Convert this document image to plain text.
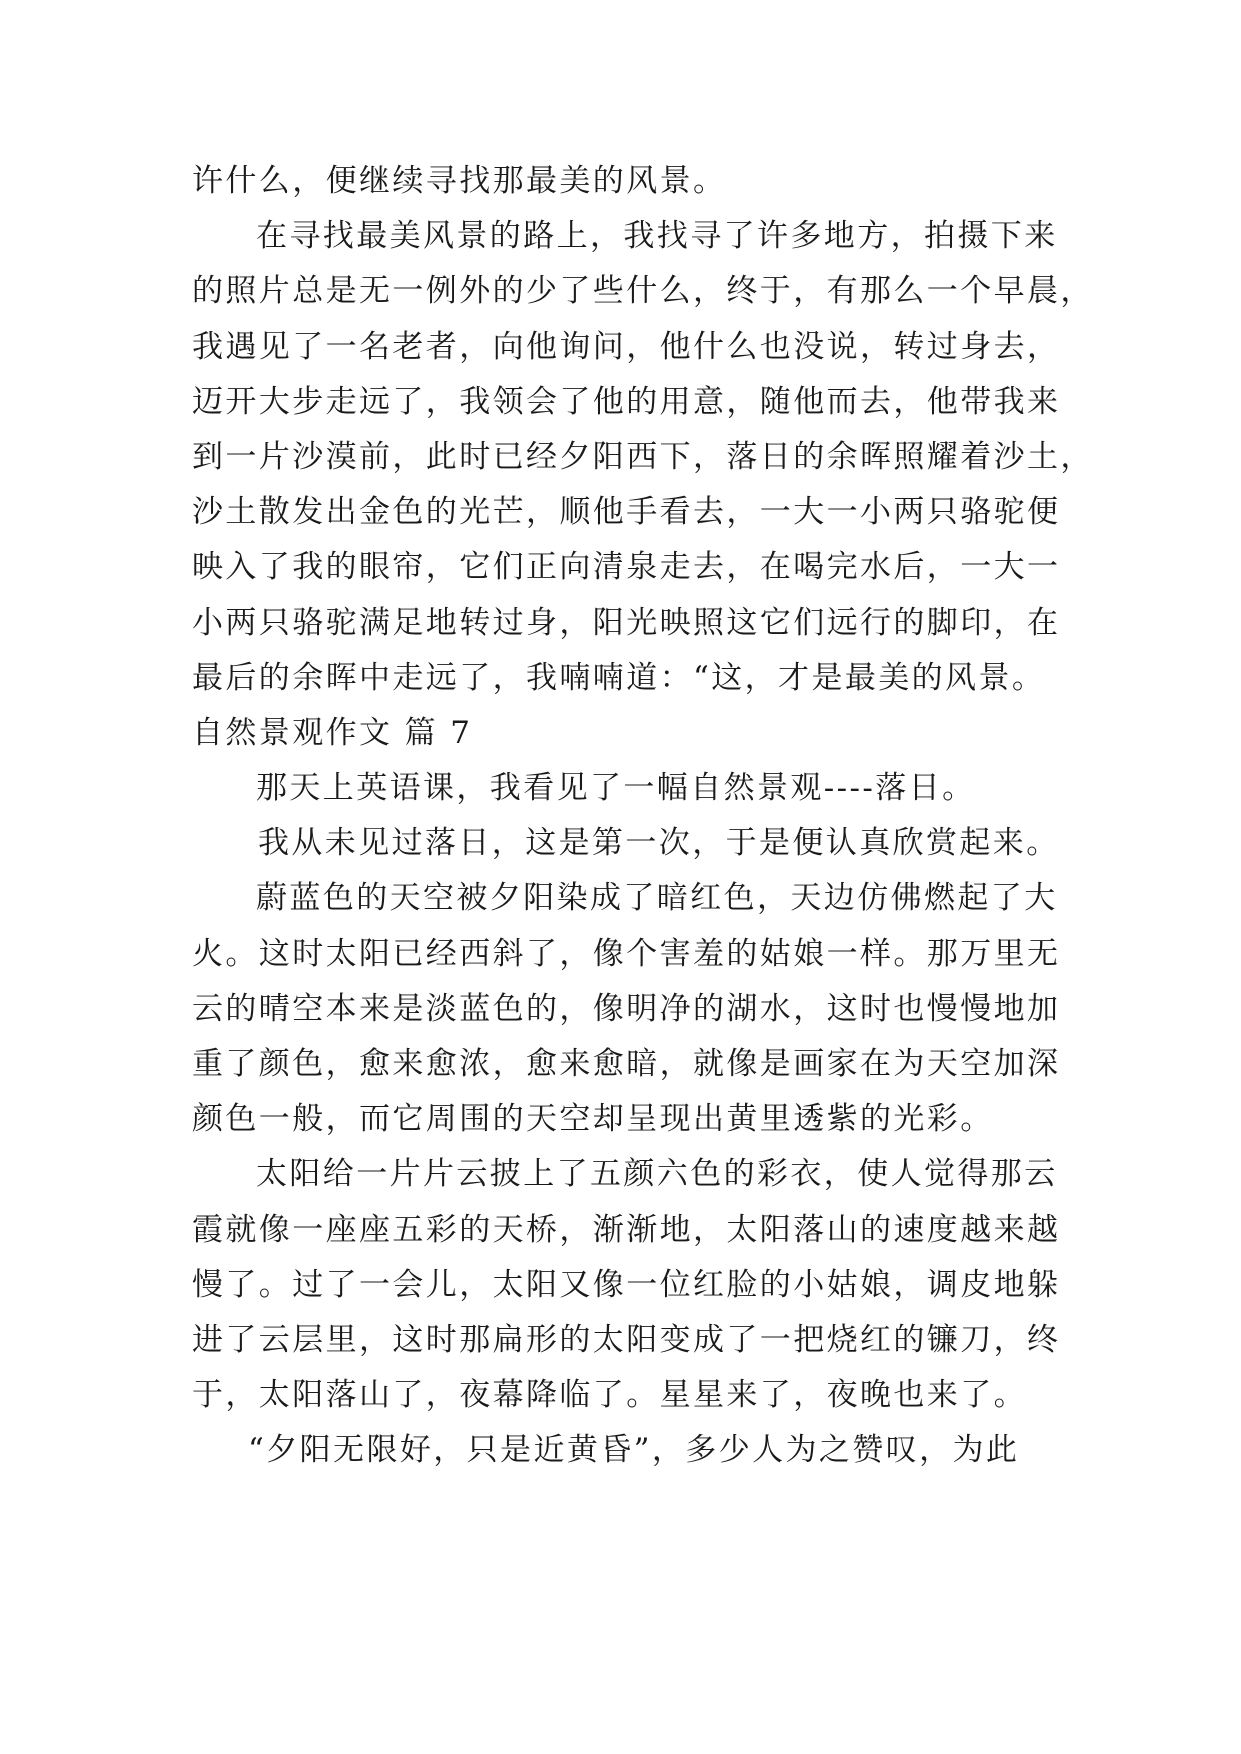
许什么，便继续寻找那最美的风景。
在寻找最美风景的路上，我找寻了许多地方，拍摄下来
的照片总是无一例外的少了些什么，终于，有那么一个早晨，
我遇见了一名老者，向他询问，他什么也没说，转过身去，
迈开大步走远了，我领会了他的用意，随他而去，他带我来
到一片沙漠前，此时已经夕阳西下，落日的余晖照耀着沙土，
沙土散发出金色的光芒，顺他手看去，一大一小两只骆驼便
映入了我的眼帘，它们正向清泉走去，在喝完水后，一大一
小两只骆驼满足地转过身，阳光映照这它们远行的脚印，在
最后的余晖中走远了，我喃喃道：“这，才是最美的风景。
自然景观作文 篇 7
那天上英语课，我看见了一幅自然景观----落日。
我从未见过落日，这是第一次，于是便认真欣赏起来。
蔚蓝色的天空被夕阳染成了暗红色，天边仿佛燃起了大
火。这时太阳已经西斜了，像个害羞的姑娘一样。那万里无
云的晴空本来是淡蓝色的，像明净的湖水，这时也慢慢地加
重了颜色，愈来愈浓，愈来愈暗，就像是画家在为天空加深
颜色一般，而它周围的天空却呈现出黄里透紫的光彩。
太阳给一片片云披上了五颜六色的彩衣，使人觉得那云
霞就像一座座五彩的天桥，渐渐地，太阳落山的速度越来越
慢了。过了一会儿，太阳又像一位红脸的小姑娘，调皮地躲
进了云层里，这时那扁形的太阳变成了一把烧红的镰刀，终
于，太阳落山了，夜幕降临了。星星来了，夜晚也来了。
“夕阳无限好，只是近黄昏”，多少人为之赞叹，为此
